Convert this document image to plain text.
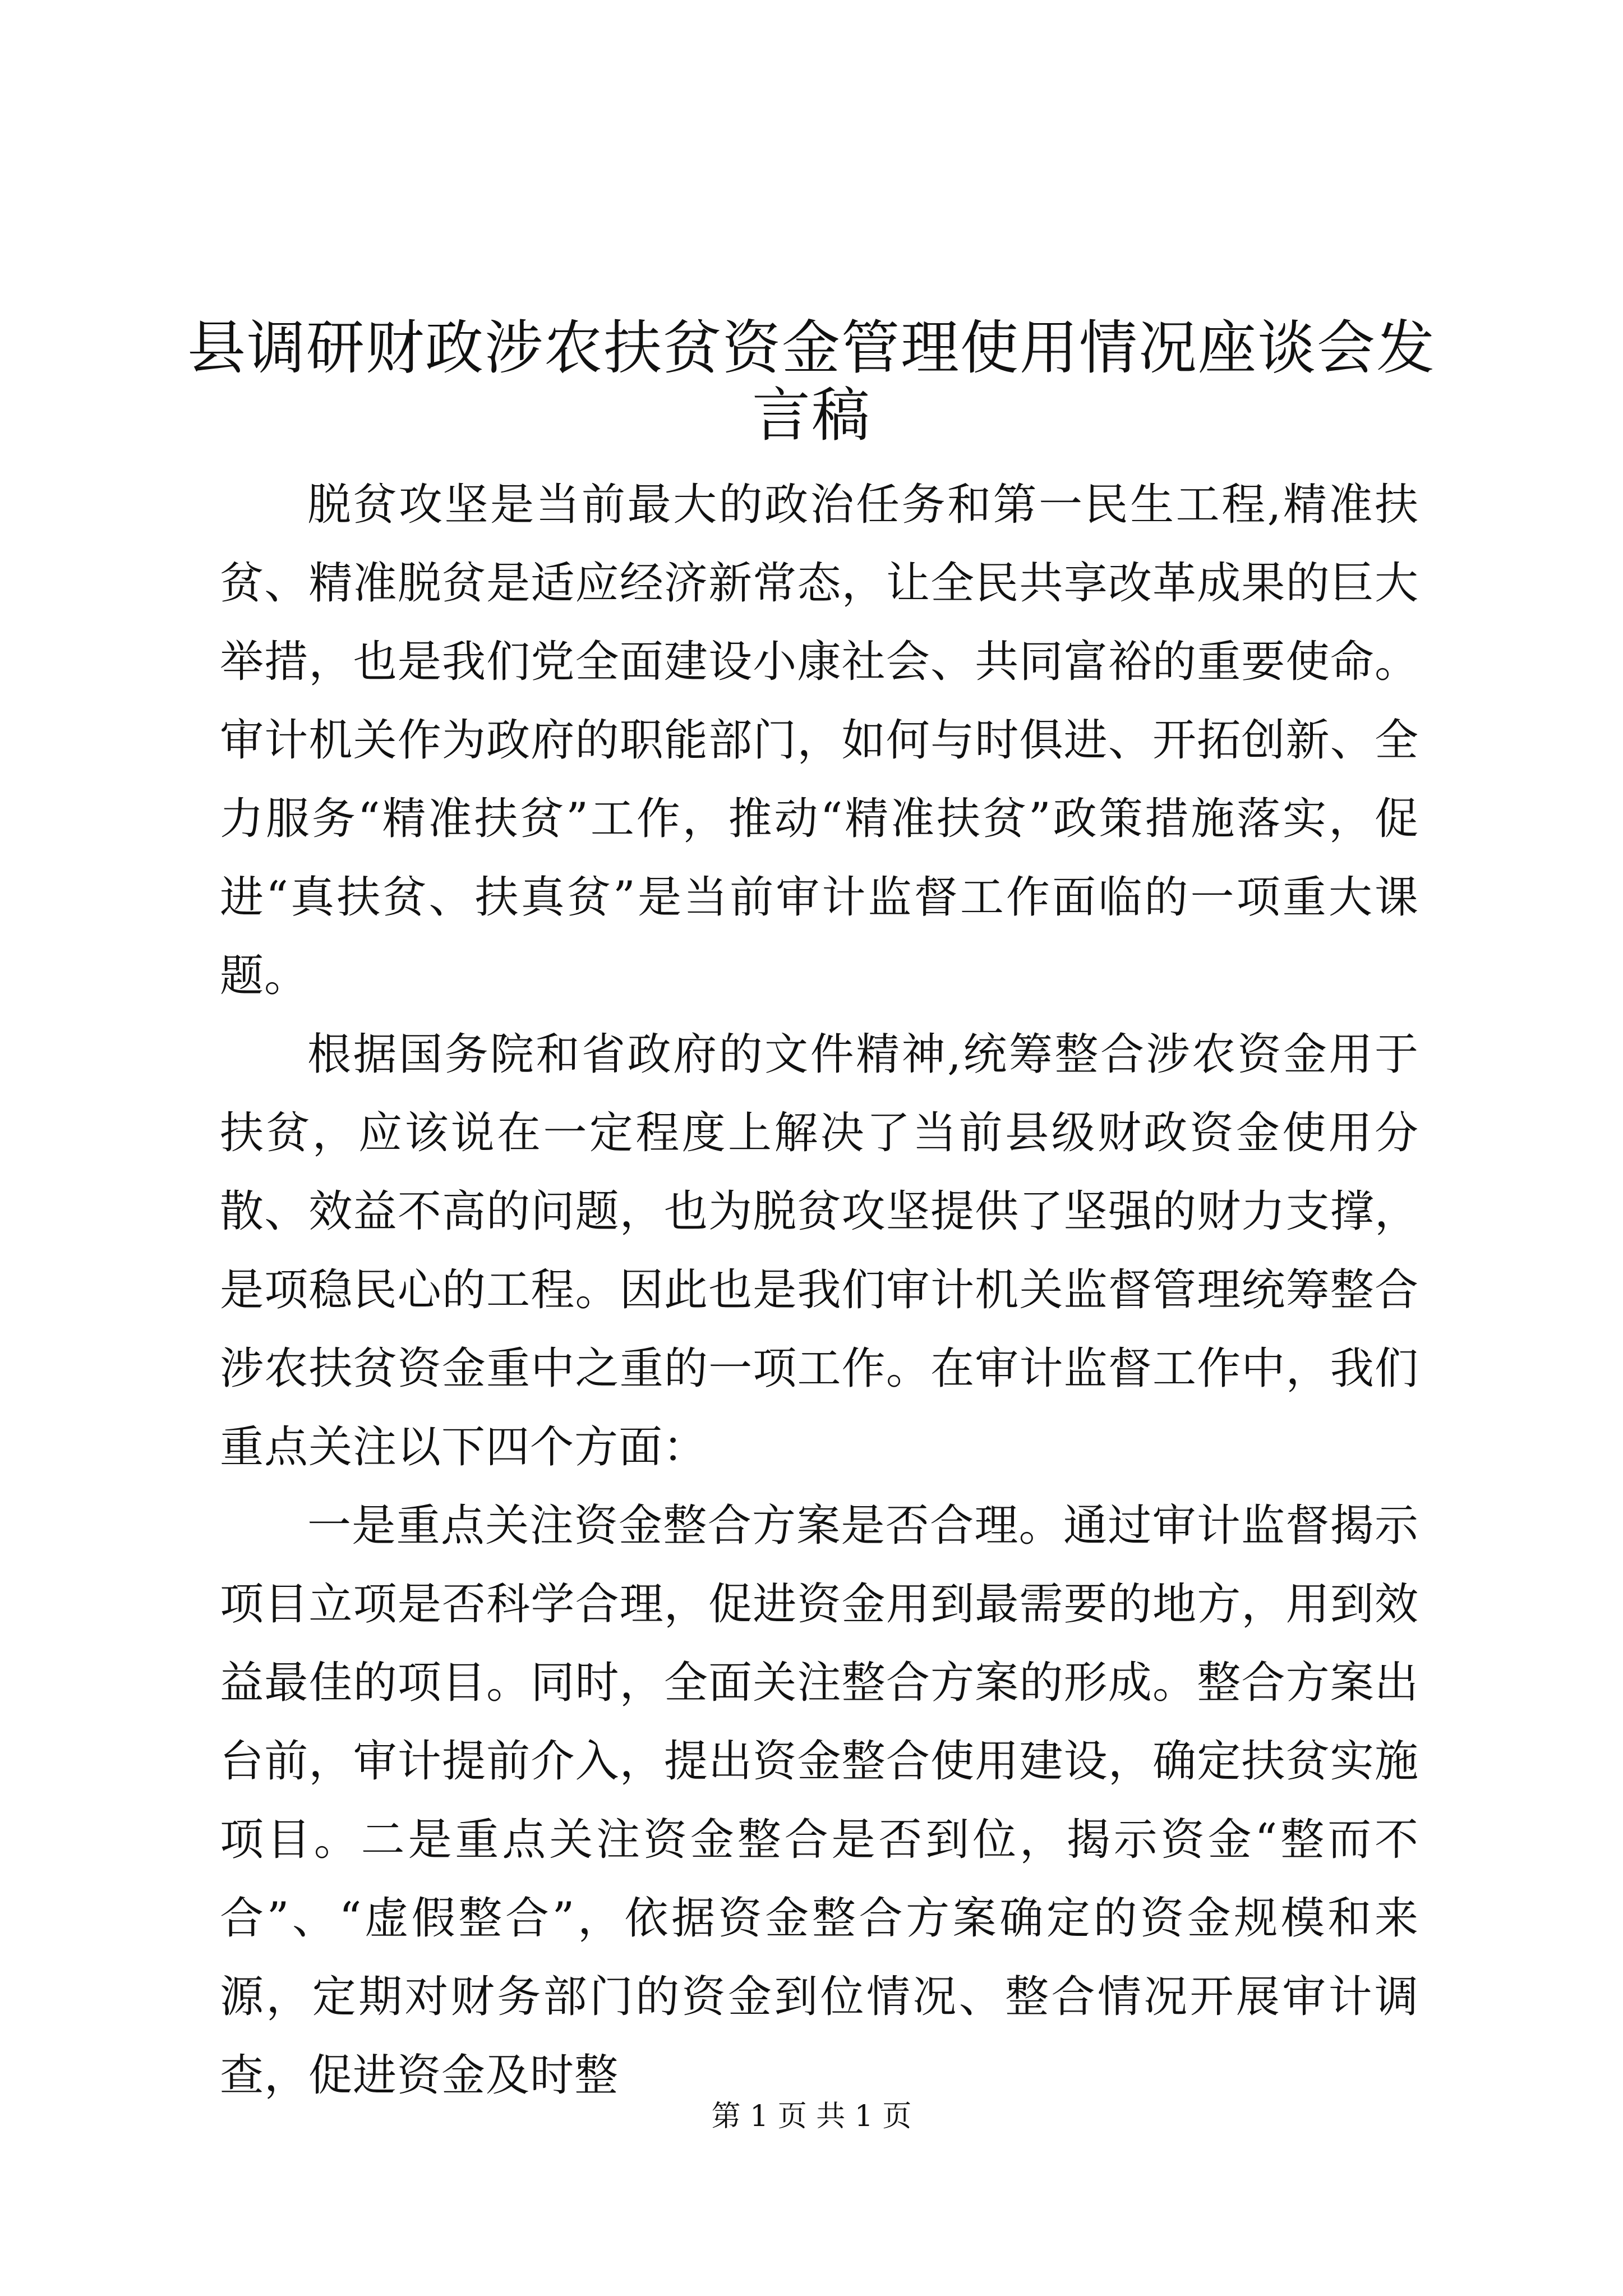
县调研财政涉农扶贫资金管理使用情况座谈会发言稿

脱贫攻坚是当前最大的政治任务和第一民生工程,精准扶贫、精准脱贫是适应经济新常态，让全民共享改革成果的巨大举措，也是我们党全面建设小康社会、共同富裕的重要使命。审计机关作为政府的职能部门，如何与时俱进、开拓创新、全力服务“精准扶贫”工作，推动“精准扶贫”政策措施落实，促进“真扶贫、扶真贫”是当前审计监督工作面临的一项重大课题。

根据国务院和省政府的文件精神,统筹整合涉农资金用于扶贫，应该说在一定程度上解决了当前县级财政资金使用分散、效益不高的问题，也为脱贫攻坚提供了坚强的财力支撑，是项稳民心的工程。因此也是我们审计机关监督管理统筹整合涉农扶贫资金重中之重的一项工作。在审计监督工作中，我们重点关注以下四个方面：

一是重点关注资金整合方案是否合理。通过审计监督揭示项目立项是否科学合理，促进资金用到最需要的地方，用到效益最佳的项目。同时，全面关注整合方案的形成。整合方案出台前，审计提前介入，提出资金整合使用建设，确定扶贫实施项目。二是重点关注资金整合是否到位，揭示资金“整而不合”、“虚假整合”，依据资金整合方案确定的资金规模和来源，定期对财务部门的资金到位情况、整合情况开展审计调查，促进资金及时整

第 1 页 共 1 页
